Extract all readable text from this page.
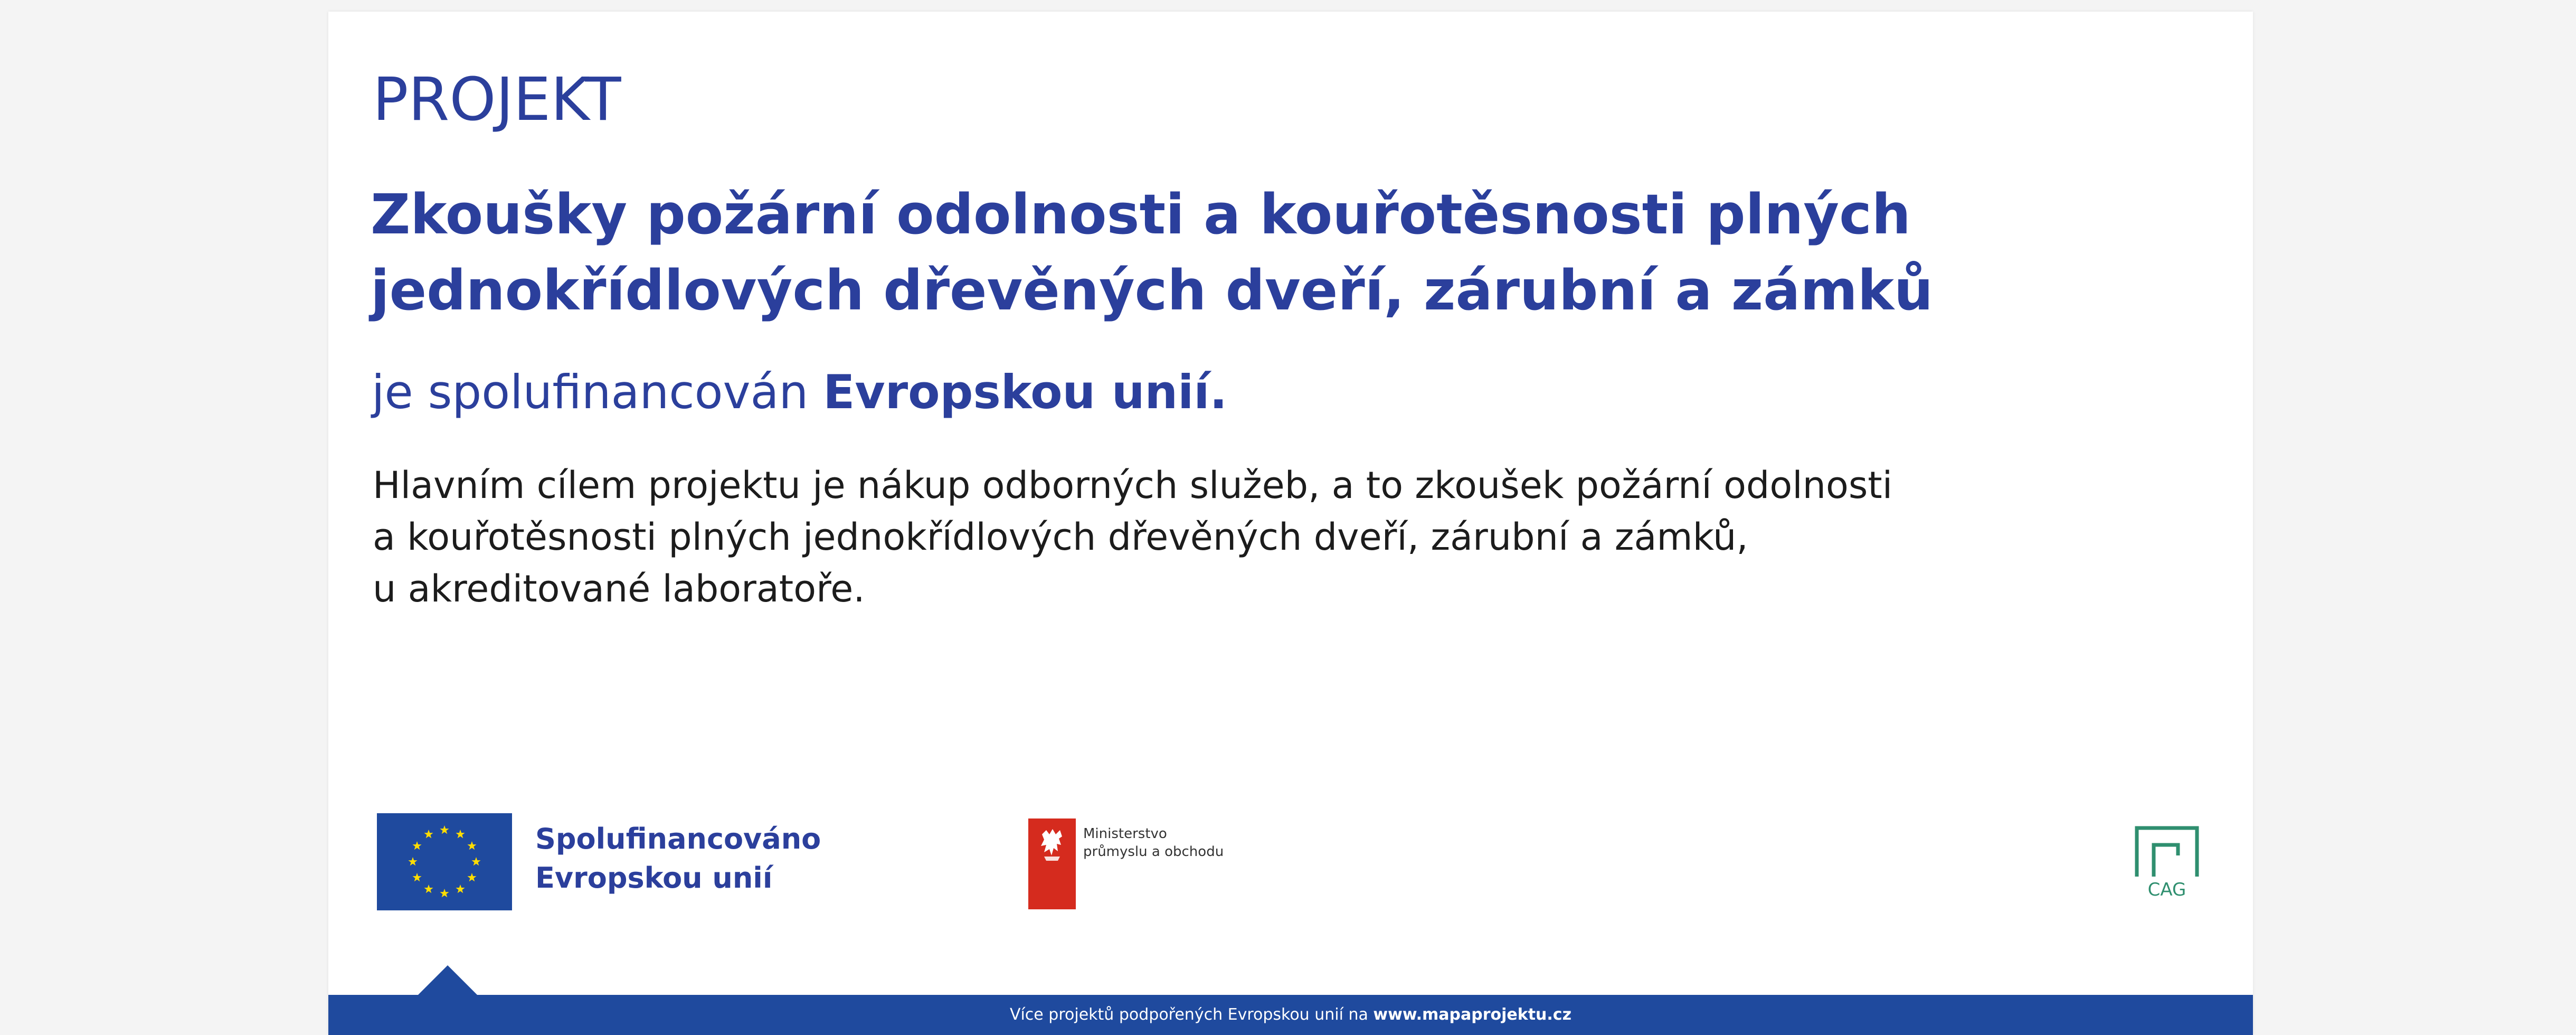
PROJEKT
Zkoušky požární odolnosti a kouřotěsnosti plných
jednokřídlových dřevěných dveří, zárubní a zámků

je spolufinancován Evropskou unií.

Hlavním cílem projektu je nákup odborných služeb, a to zkoušek požární odolnosti
a kouřotěsnosti plných jednokřídlových dřevěných dveří, zárubní a zámků,
u akreditované laboratoře.

Spolufinancováno
Evropskou unií
Ministerstvo
průmyslu a obchodu
CAG
Více projektů podpořených Evropskou unií na www.mapaprojektu.cz
